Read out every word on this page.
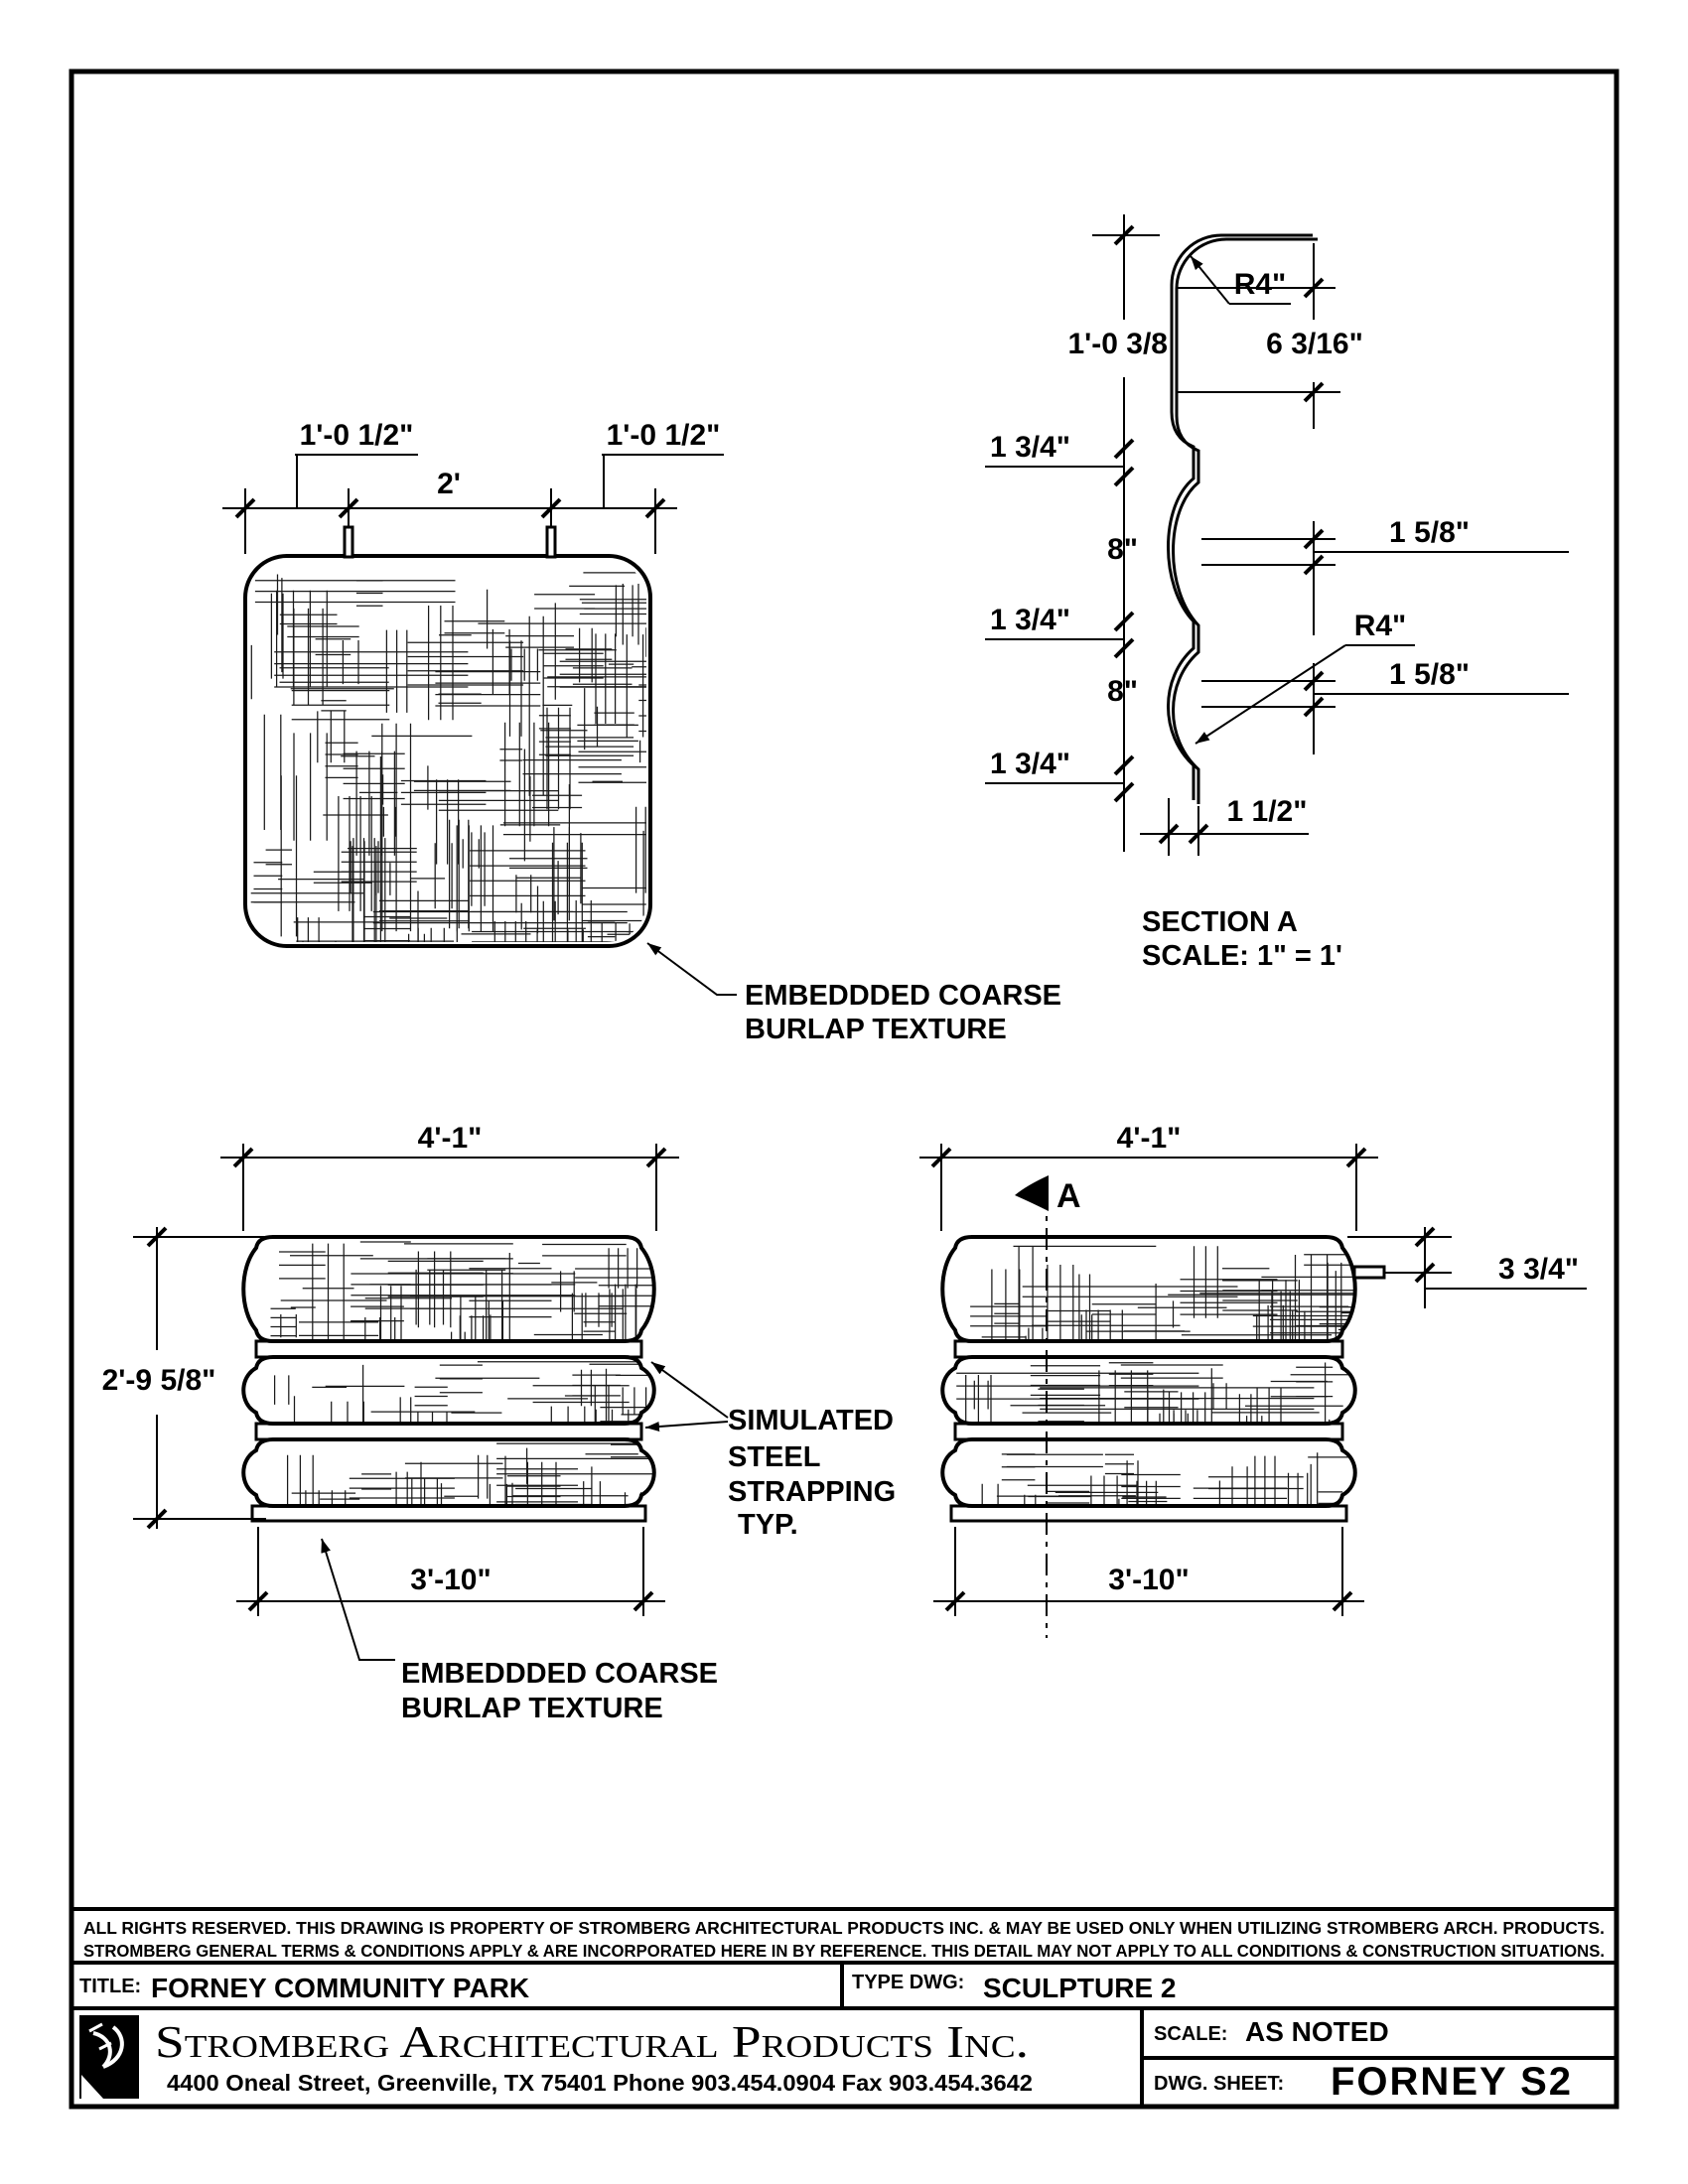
1'-0 1/2"
2'
1'-0 1/2"
EMBEDDDED COARSE
BURLAP TEXTURE
1'-0 3/8
1 3/4"
8"
1 3/4"
8"
1 3/4"
6 3/16"
R4"
1 5/8"
R4"
1 5/8"
1 1/2"
SECTION A
SCALE: 1" = 1'
4'-1"
2'-9 5/8"
3'-10"
SIMULATED
STEEL
STRAPPING
TYP.
EMBEDDDED COARSE
BURLAP TEXTURE
4'-1"
A
3 3/4"
3'-10"
ALL RIGHTS RESERVED. THIS DRAWING IS PROPERTY OF STROMBERG ARCHITECTURAL PRODUCTS INC. & MAY BE USED ONLY WHEN UTILIZING STROMBERG ARCH. PRODUCTS.
STROMBERG GENERAL TERMS & CONDITIONS APPLY & ARE INCORPORATED HERE IN BY REFERENCE. THIS DETAIL MAY NOT APPLY TO ALL CONDITIONS & CONSTRUCTION SITUATIONS.
TITLE: FORNEY COMMUNITY PARK	TYPE DWG: SCULPTURE 2
Stromberg Architectural Products Inc.
4400 Oneal Street, Greenville, TX 75401 Phone 903.454.0904 Fax 903.454.3642
SCALE: AS NOTED
DWG. SHEET: FORNEY S2
